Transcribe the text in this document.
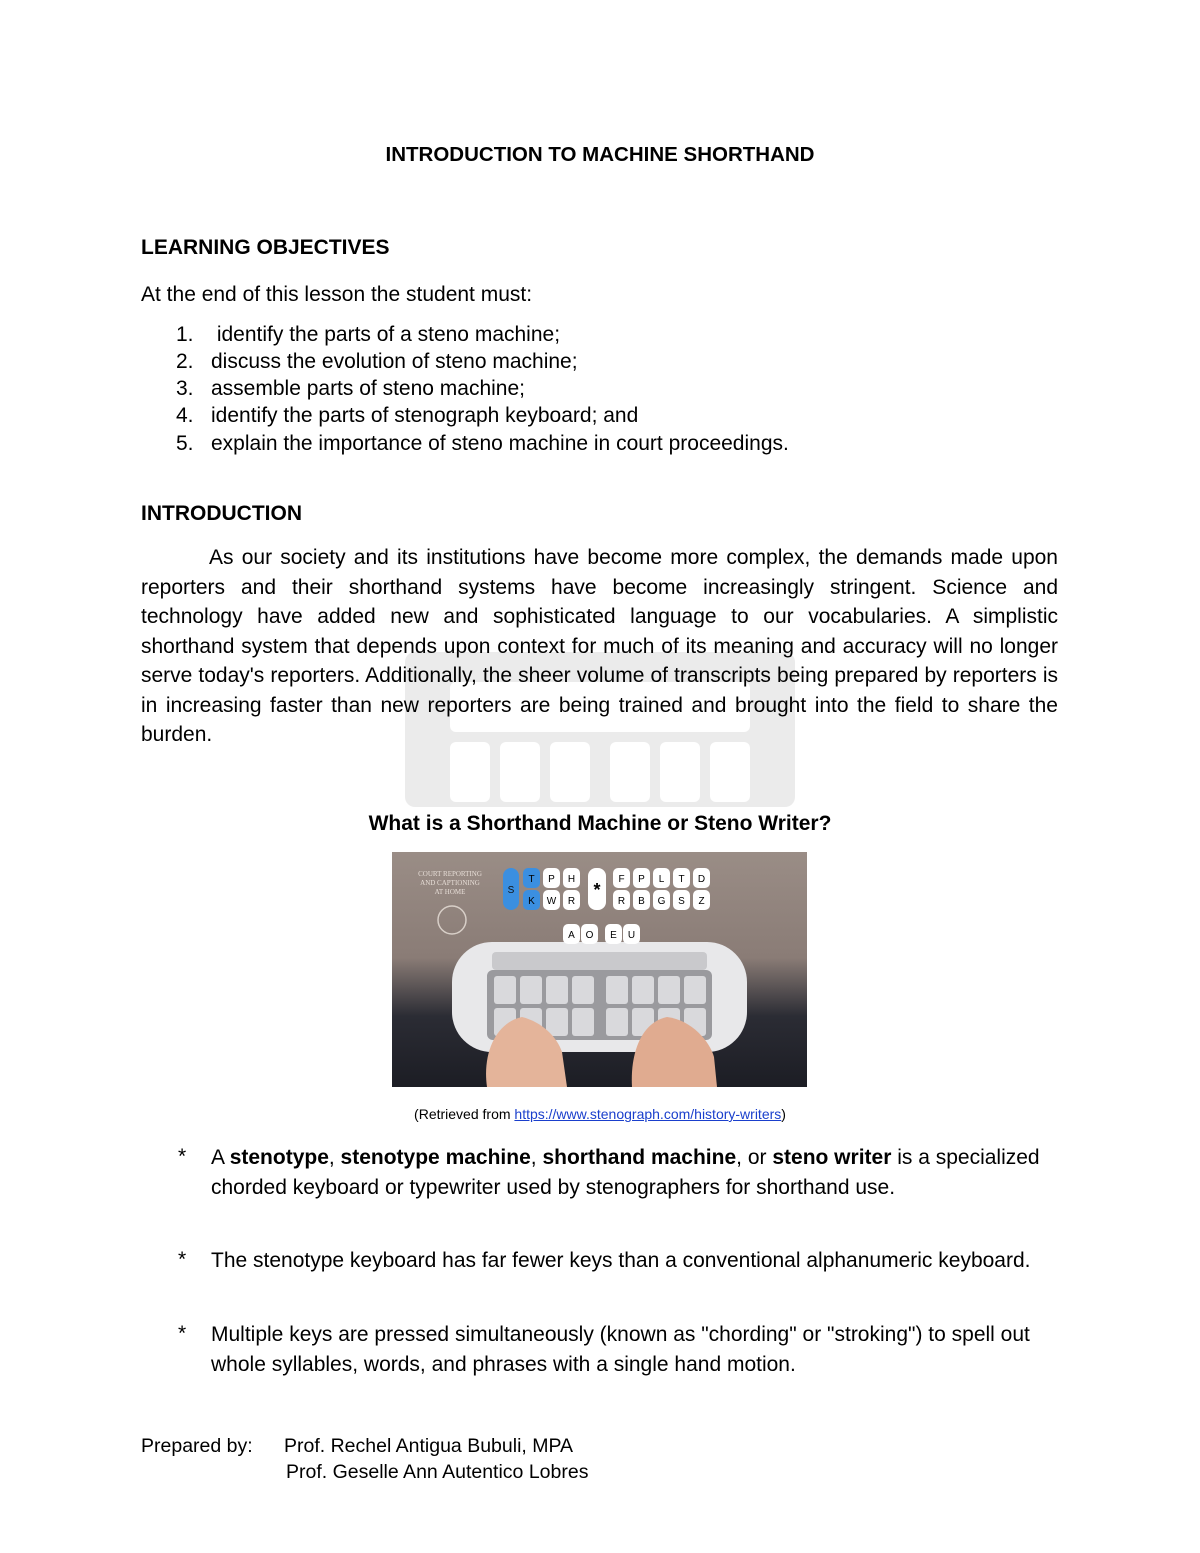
INTRODUCTION TO MACHINE SHORTHAND
LEARNING OBJECTIVES
At the end of this lesson the student must:
1. identify the parts of a steno machine;
2. discuss the evolution of steno machine;
3. assemble parts of steno machine;
4. identify the parts of stenograph keyboard; and
5. explain the importance of steno machine in court proceedings.
INTRODUCTION
As our society and its institutions have become more complex, the demands made upon reporters and their shorthand systems have become increasingly stringent. Science and technology have added new and sophisticated language to our vocabularies. A simplistic shorthand system that depends upon context for much of its meaning and accuracy will no longer serve today's reporters. Additionally, the sheer volume of transcripts being prepared by reporters is in increasing faster than new reporters are being trained and brought into the field to share the burden.
What is a Shorthand Machine or Steno Writer?
COURT REPORTING
AND CAPTIONING
AT HOME	S
T P H	F P L T D
K W R	R B G S Z
*
A O E U
(Retrieved from https://www.stenograph.com/history-writers)
* A stenotype, stenotype machine, shorthand machine, or steno writer is a specialized chorded keyboard or typewriter used by stenographers for shorthand use.
* The stenotype keyboard has far fewer keys than a conventional alphanumeric keyboard.
* Multiple keys are pressed simultaneously (known as "chording" or "stroking") to spell out whole syllables, words, and phrases with a single hand motion.
Prepared by: Prof. Rechel Antigua Bubuli, MPA
Prof. Geselle Ann Autentico Lobres
